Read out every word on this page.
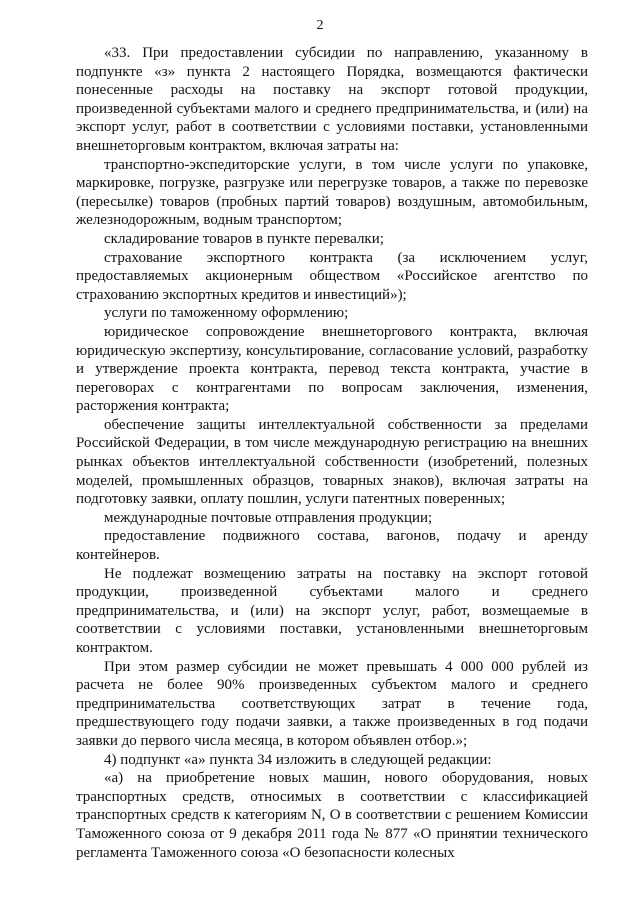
2

«33. При предоставлении субсидии по направлению, указанному в подпункте «з» пункта 2 настоящего Порядка, возмещаются фактически понесенные расходы на поставку на экспорт готовой продукции, произведенной субъектами малого и среднего предпринимательства, и (или) на экспорт услуг, работ в соответствии с условиями поставки, установленными внешнеторговым контрактом, включая затраты на:

транспортно-экспедиторские услуги, в том числе услуги по упаковке, маркировке, погрузке, разгрузке или перегрузке товаров, а также по перевозке (пересылке) товаров (пробных партий товаров) воздушным, автомобильным, железнодорожным, водным транспортом;

складирование товаров в пункте перевалки;

страхование экспортного контракта (за исключением услуг, предоставляемых акционерным обществом «Российское агентство по страхованию экспортных кредитов и инвестиций»);

услуги по таможенному оформлению;

юридическое сопровождение внешнеторгового контракта, включая юридическую экспертизу, консультирование, согласование условий, разработку и утверждение проекта контракта, перевод текста контракта, участие в переговорах с контрагентами по вопросам заключения, изменения, расторжения контракта;

обеспечение защиты интеллектуальной собственности за пределами Российской Федерации, в том числе международную регистрацию на внешних рынках объектов интеллектуальной собственности (изобретений, полезных моделей, промышленных образцов, товарных знаков), включая затраты на подготовку заявки, оплату пошлин, услуги патентных поверенных;

международные почтовые отправления продукции;

предоставление подвижного состава, вагонов, подачу и аренду контейнеров.

Не подлежат возмещению затраты на поставку на экспорт готовой продукции, произведенной субъектами малого и среднего предпринимательства, и (или) на экспорт услуг, работ, возмещаемые в соответствии с условиями поставки, установленными внешнеторговым контрактом.

При этом размер субсидии не может превышать 4 000 000 рублей из расчета не более 90% произведенных субъектом малого и среднего предпринимательства соответствующих затрат в течение года, предшествующего году подачи заявки, а также произведенных в год подачи заявки до первого числа месяца, в котором объявлен отбор.»;

4) подпункт «а» пункта 34 изложить в следующей редакции:

«а) на приобретение новых машин, нового оборудования, новых транспортных средств, относимых в соответствии с классификацией транспортных средств к категориям N, O в соответствии с решением Комиссии Таможенного союза от 9 декабря 2011 года № 877 «О принятии технического регламента Таможенного союза «О безопасности колесных
